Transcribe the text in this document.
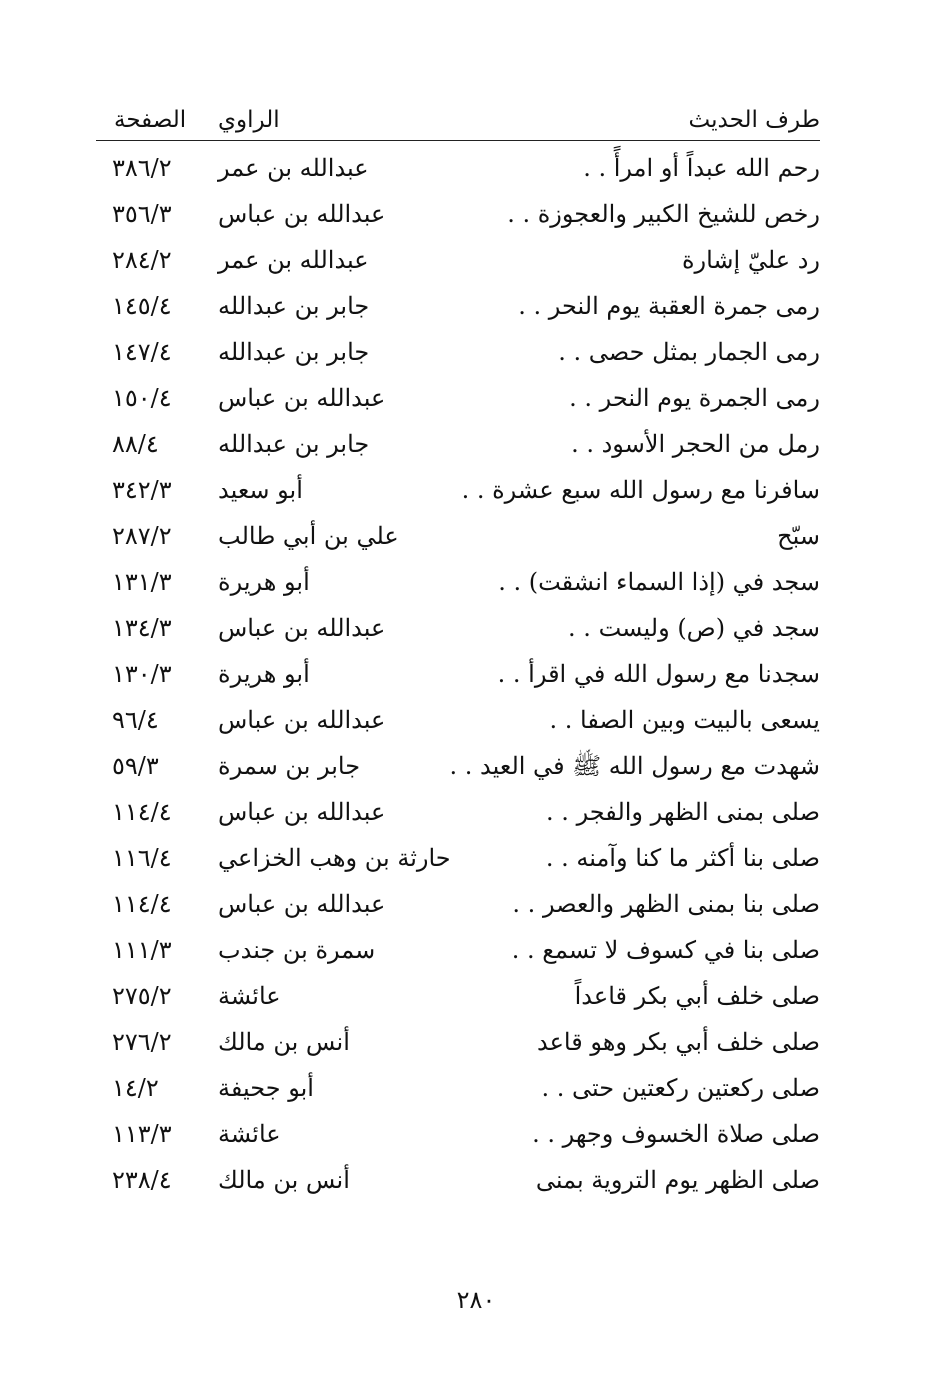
طرف الحديث
الراوي
الصفحة
رحم الله عبداً أو امرأً . .
عبدالله بن عمر
٣٨٦/٢
رخص للشيخ الكبير والعجوزة . .
عبدالله بن عباس
٣٥٦/٣
رد عليّ إشارة
عبدالله بن عمر
٢٨٤/٢
رمى جمرة العقبة يوم النحر . .
جابر بن عبدالله
١٤٥/٤
رمى الجمار بمثل حصى . .
جابر بن عبدالله
١٤٧/٤
رمى الجمرة يوم النحر . .
عبدالله بن عباس
١٥٠/٤
رمل من الحجر الأسود . .
جابر بن عبدالله
٨٨/٤
سافرنا مع رسول الله سبع عشرة . .
أبو سعيد
٣٤٢/٣
سبّح
علي بن أبي طالب
٢٨٧/٢
سجد في (إذا السماء انشقت) . .
أبو هريرة
١٣١/٣
سجد في (ص) وليست . .
عبدالله بن عباس
١٣٤/٣
سجدنا مع رسول الله في اقرأ . .
أبو هريرة
١٣٠/٣
يسعى بالبيت وبين الصفا . .
عبدالله بن عباس
٩٦/٤
شهدت مع رسول الله ﷺ في العيد . .
جابر بن سمرة
٥٩/٣
صلى بمنى الظهر والفجر . .
عبدالله بن عباس
١١٤/٤
صلى بنا أكثر ما كنا وآمنه . .
حارثة بن وهب الخزاعي
١١٦/٤
صلى بنا بمنى الظهر والعصر . .
عبدالله بن عباس
١١٤/٤
صلى بنا في كسوف لا تسمع . .
سمرة بن جندب
١١١/٣
صلى خلف أبي بكر قاعداً
عائشة
٢٧٥/٢
صلى خلف أبي بكر وهو قاعد
أنس بن مالك
٢٧٦/٢
صلى ركعتين ركعتين حتى . .
أبو جحيفة
١٤/٢
صلى صلاة الخسوف وجهر . .
عائشة
١١٣/٣
صلى الظهر يوم التروية بمنى
أنس بن مالك
٢٣٨/٤
٢٨٠
